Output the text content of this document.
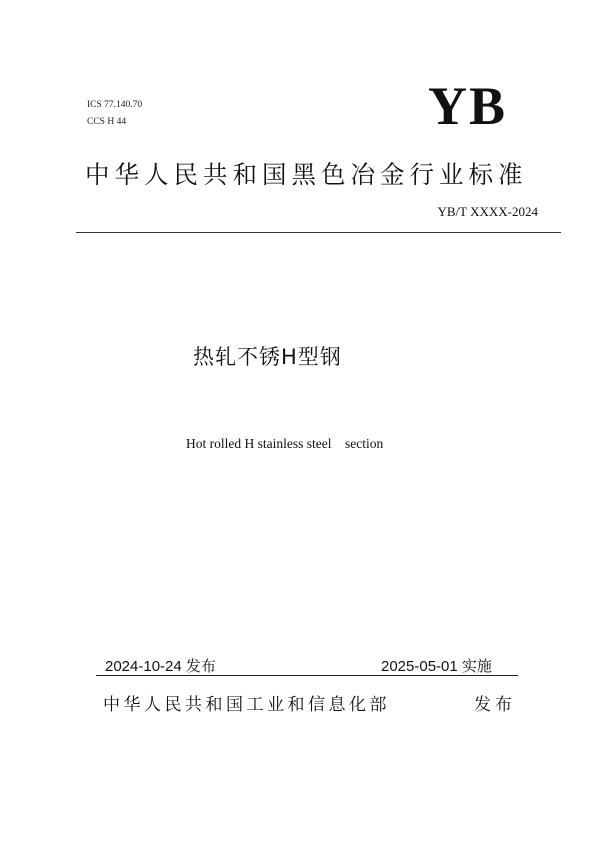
ICS 77.140.70
CCS H 44	YB
中华人民共和国黑色冶金行业标准
YB/T XXXX-2024
热轧不锈H型钢
Hot rolled H stainless steel    section
2024-10-24 发布	2025-05-01 实施
中华人民共和国工业和信息化部	发布
